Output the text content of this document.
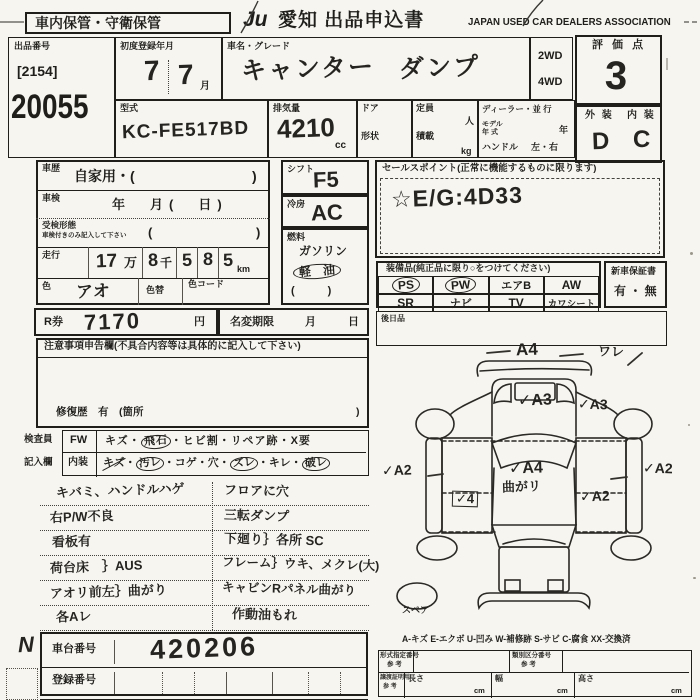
車内保管・守衛保管	Ju 愛知 出品申込書	JAPAN USED CAR DEALERS ASSOCIATION
出品番号
[2154]
20055
初度登録年月
7 7 月
車名・グレード
キャンター ダンプ	2WD
4WD
評 価 点
3
外 装 内 装
D C
型式
KC-FE517BD
排気量
4210
cc
ドア
形状
定員
人
積載
kg
ディーラー・並 行
モデル
年 式	年
ハンドル 左・右
車歴 自家用・(	)
車検	年　月(　日)
受検形態
車検付きのみ記入して下さい (	)
走行 17 万 8 千 5 8 5 km
色 アオ	色替
色コード
シフト
F5
冷房 AC
燃料
ガソリン
軽　油
(　　　)
セールスポイント(正常に機能するものに限ります)
☆E/G:4D33
装備品(純正品に限り○をつけてください)
PS	PW	エアB	AW
SR	ナビ	TV	カワシート
新車保証書
有 ・ 無
後日品
R券 7170	円 名変期限	月	日
注意事項申告欄(不具合内容等は具体的に記入して下さい)
修復歴　有　(箇所	)
検査員
記入欄
FW キズ・ 飛石 ・ヒビ割・リペア跡・X要
内装 キズ・ 汚レ ・コゲ・穴・ ズレ ・キレ・ 破レ
キバミ、ハンドルハゲ	フロアに穴
右P/W不良	三転ダンプ
看板有	下廻り｝各所 SC
荷台床　｝AUS	フレーム｝ウキ、メクレ(大)
アオリ前左｝曲がり	キャビンRパネル曲がり
各Aレ	作動油もれ
A4	ワレ
✓A3 ✓A3
✓A2	✓A2
✓A4
曲がリ
✓4	✓A2
スペア
A-キズ E-エクボ U-凹み W-補修跡 S-サビ C-腐食 XX-交換済
N 車台番号 420206
登録番号
形式指定番号
参 考
類別区分番号
参 考
譲渡証明用
参 考
長さ
cm
幅
cm
高さ
cm
